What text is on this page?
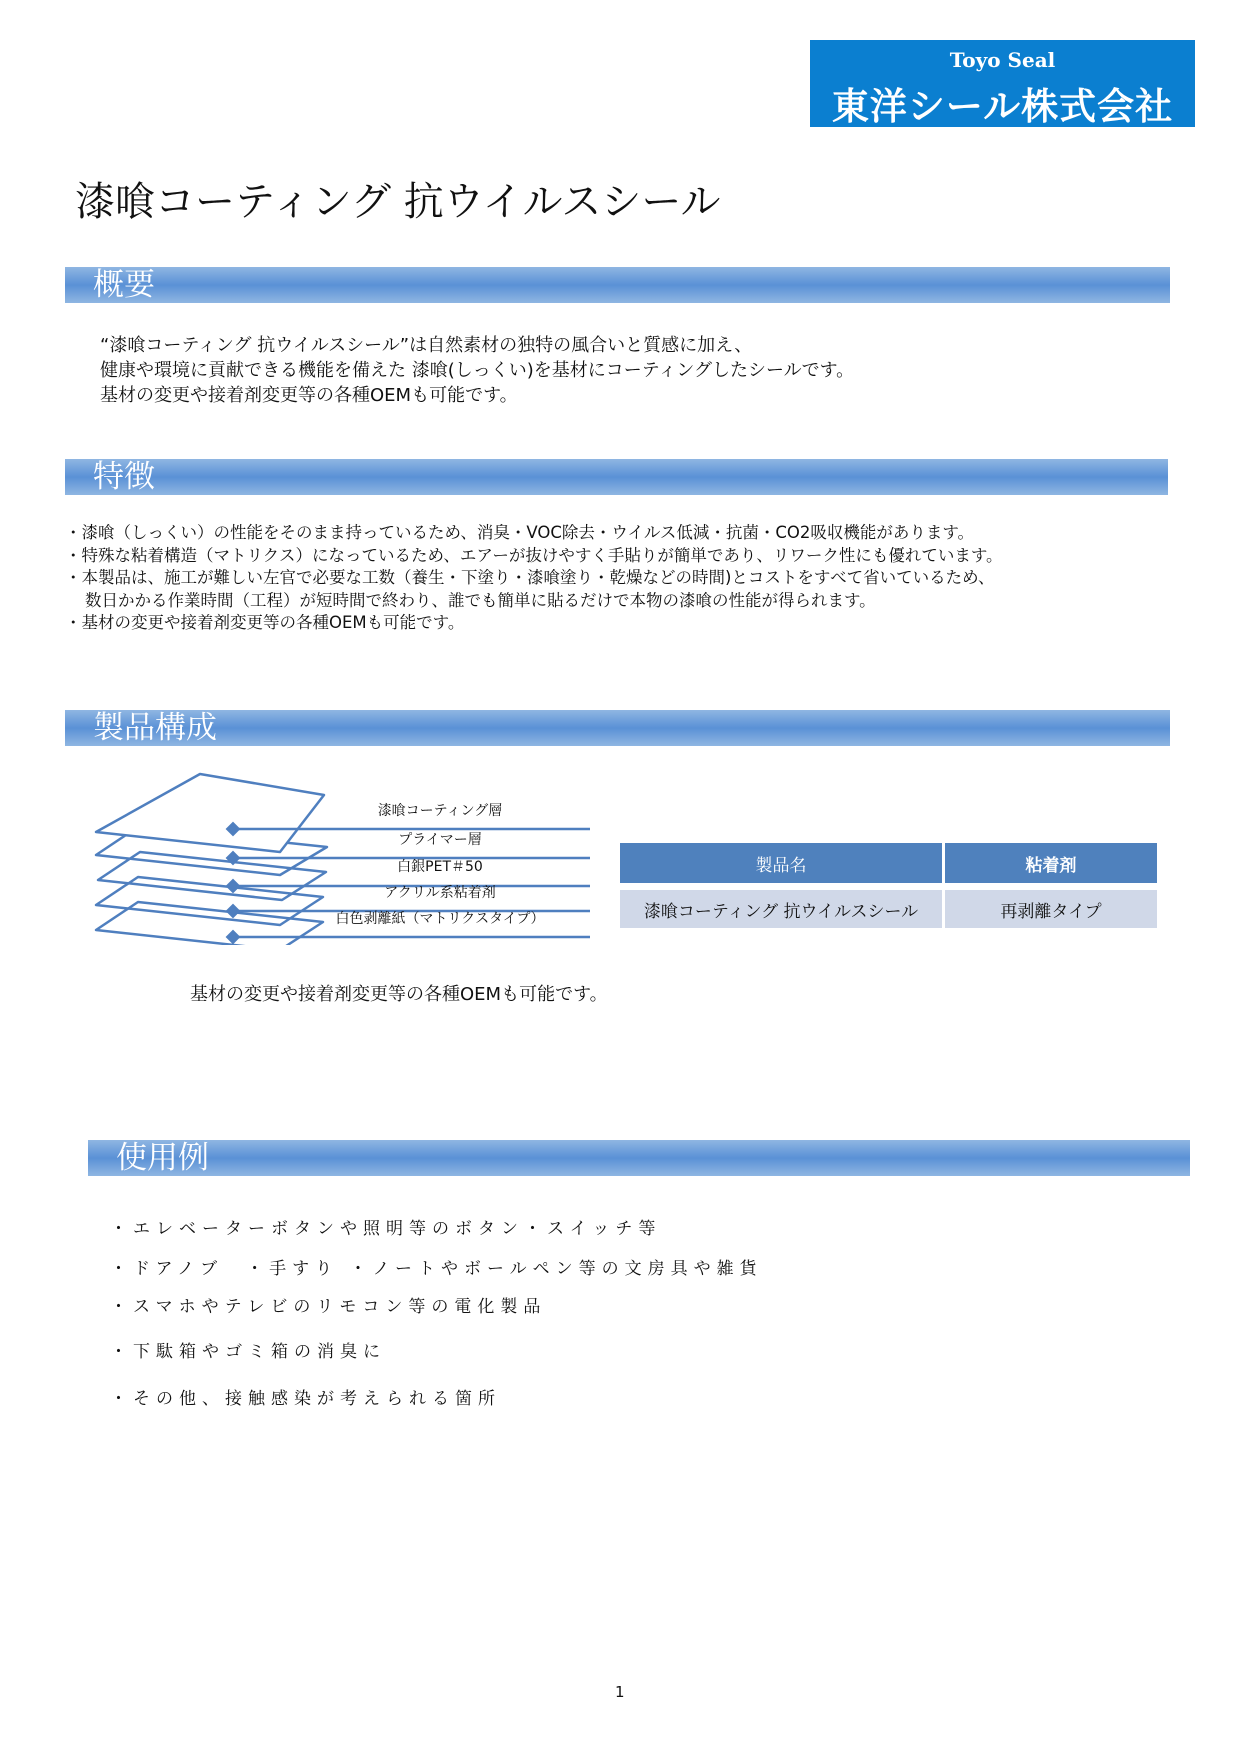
Toyo Seal
東洋シール株式会社
漆喰コーティング 抗ウイルスシール
概要
“漆喰コーティング 抗ウイルスシール”は自然素材の独特の風合いと質感に加え、
健康や環境に貢献できる機能を備えた 漆喰(しっくい)を基材にコーティングしたシールです。
基材の変更や接着剤変更等の各種OEMも可能です。
特徴
・漆喰（しっくい）の性能をそのまま持っているため、消臭・VOC除去・ウイルス低減・抗菌・CO2吸収機能があります。
・特殊な粘着構造（マトリクス）になっているため、エアーが抜けやすく手貼りが簡単であり、リワーク性にも優れています。
・本製品は、施工が難しい左官で必要な工数（養生・下塗り・漆喰塗り・乾燥などの時間)とコストをすべて省いているため、
数日かかる作業時間（工程）が短時間で終わり、誰でも簡単に貼るだけで本物の漆喰の性能が得られます。
・基材の変更や接着剤変更等の各種OEMも可能です。
製品構成
漆喰コーティング層
プライマー層
白銀PET＃50
アクリル系粘着剤
白色剥離紙（マトリクスタイプ）
製品名	粘着剤

漆喰コーティング 抗ウイルスシール	再剥離タイプ
基材の変更や接着剤変更等の各種OEMも可能です。
使用例
・エレベーターボタンや照明等のボタン・スイッチ等
・ドアノブ　・手すり ・ノートやボールペン等の文房具や雑貨
・スマホやテレビのリモコン等の電化製品
・下駄箱やゴミ箱の消臭に
・その他、接触感染が考えられる箇所
1
